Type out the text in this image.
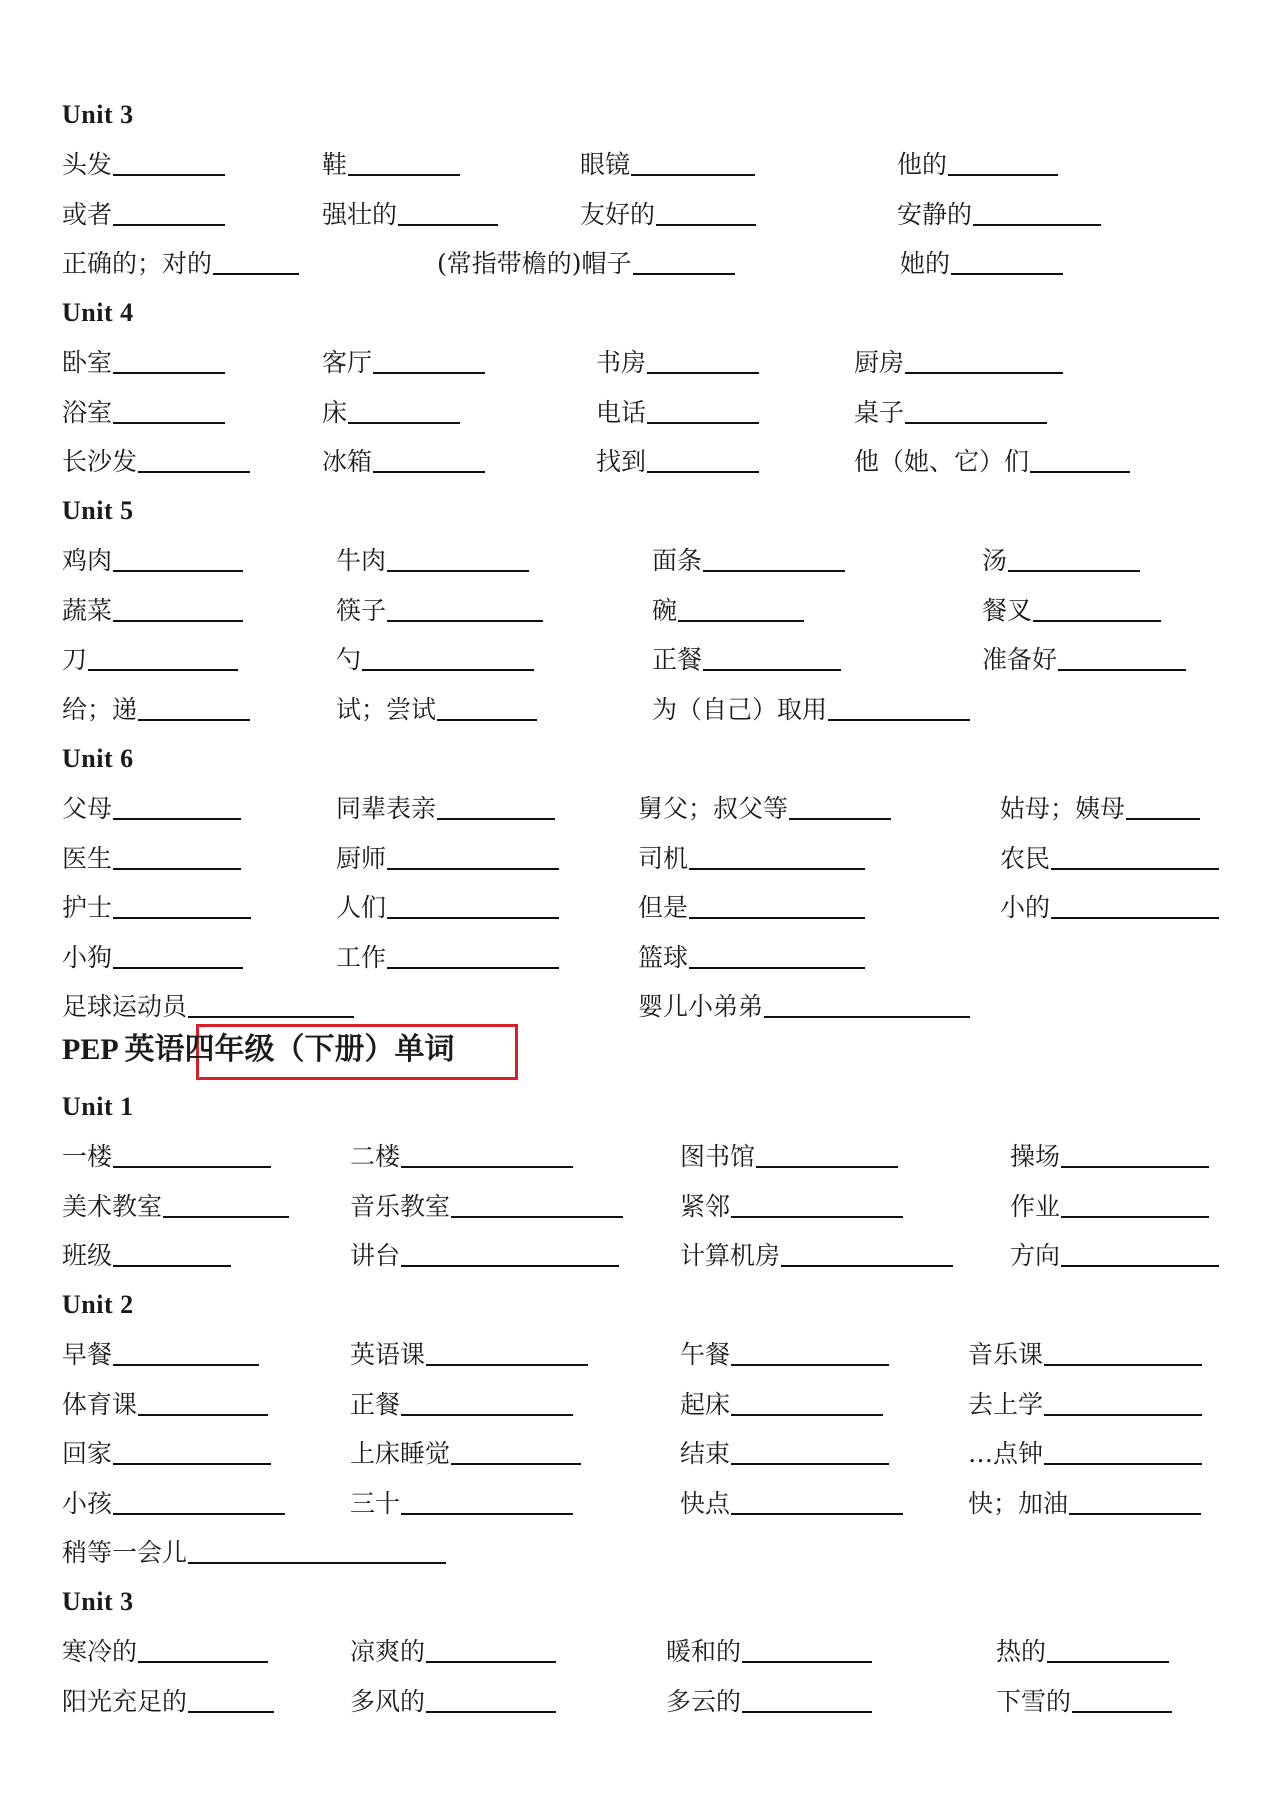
PEP 英语四年级（下册）单词
Unit 3
头发	鞋	眼镜	他的
或者	强壮的	友好的	安静的
正确的；对的	(常指带檐的)帽子	她的
Unit 4
卧室	客厅	书房	厨房
浴室	床	电话	桌子
长沙发	冰箱	找到	他（她、它）们
Unit 5
鸡肉	牛肉	面条	汤
蔬菜	筷子	碗	餐叉
刀	勺	正餐	准备好
给；递	试；尝试	为（自己）取用
Unit 6
父母	同辈表亲	舅父；叔父等	姑母；姨母
医生	厨师	司机	农民
护士	人们	但是	小的
小狗	工作	篮球
足球运动员	婴儿小弟弟
Unit 1
一楼	二楼	图书馆	操场
美术教室	音乐教室	紧邻	作业
班级	讲台	计算机房	方向
Unit 2
早餐	英语课	午餐	音乐课
体育课	正餐	起床	去上学
回家	上床睡觉	结束	…点钟
小孩	三十	快点	快；加油
稍等一会儿
Unit 3
寒冷的	凉爽的	暖和的	热的
阳光充足的	多风的	多云的	下雪的
